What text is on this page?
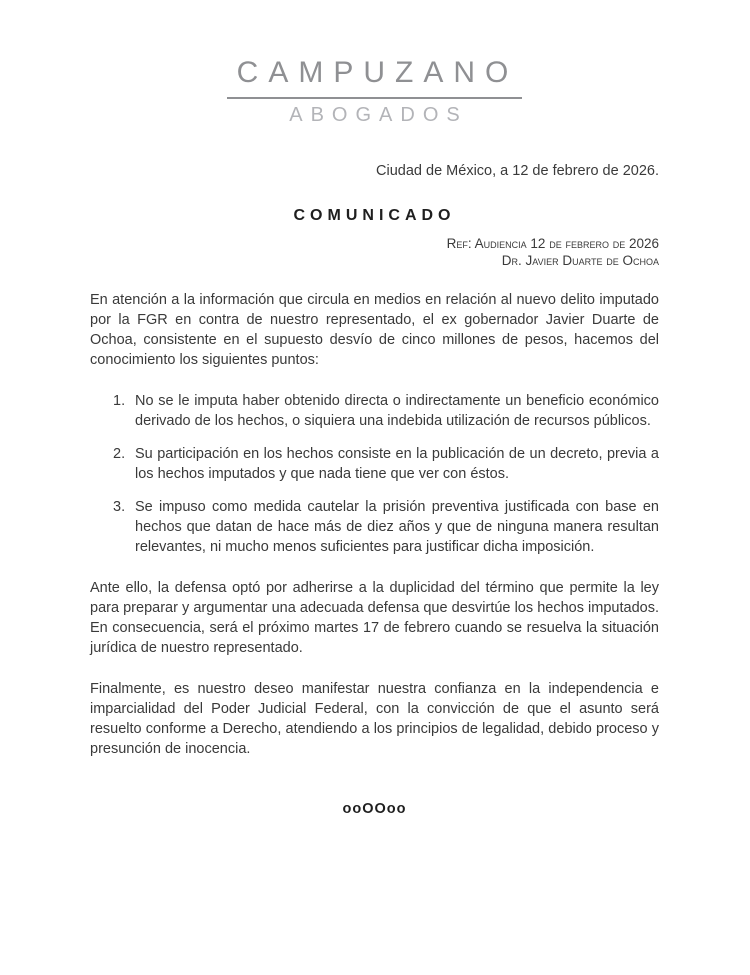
CAMPUZANO
ABOGADOS
Ciudad de México, a 12 de febrero de 2026.
COMUNICADO
Ref: Audiencia 12 de febrero de 2026
Dr. Javier Duarte de Ochoa

En atención a la información que circula en medios en relación al nuevo delito imputado por la FGR en contra de nuestro representado, el ex gobernador Javier Duarte de Ochoa, consistente en el supuesto desvío de cinco millones de pesos, hacemos del conocimiento los siguientes puntos:

1. No se le imputa haber obtenido directa o indirectamente un beneficio económico derivado de los hechos, o siquiera una indebida utilización de recursos públicos.
2. Su participación en los hechos consiste en la publicación de un decreto, previa a los hechos imputados y que nada tiene que ver con éstos.
3. Se impuso como medida cautelar la prisión preventiva justificada con base en hechos que datan de hace más de diez años y que de ninguna manera resultan relevantes, ni mucho menos suficientes para justificar dicha imposición.

Ante ello, la defensa optó por adherirse a la duplicidad del término que permite la ley para preparar y argumentar una adecuada defensa que desvirtúe los hechos imputados. En consecuencia, será el próximo martes 17 de febrero cuando se resuelva la situación jurídica de nuestro representado.

Finalmente, es nuestro deseo manifestar nuestra confianza en la independencia e imparcialidad del Poder Judicial Federal, con la convicción de que el asunto será resuelto conforme a Derecho, atendiendo a los principios de legalidad, debido proceso y presunción de inocencia.

ooOOoo
